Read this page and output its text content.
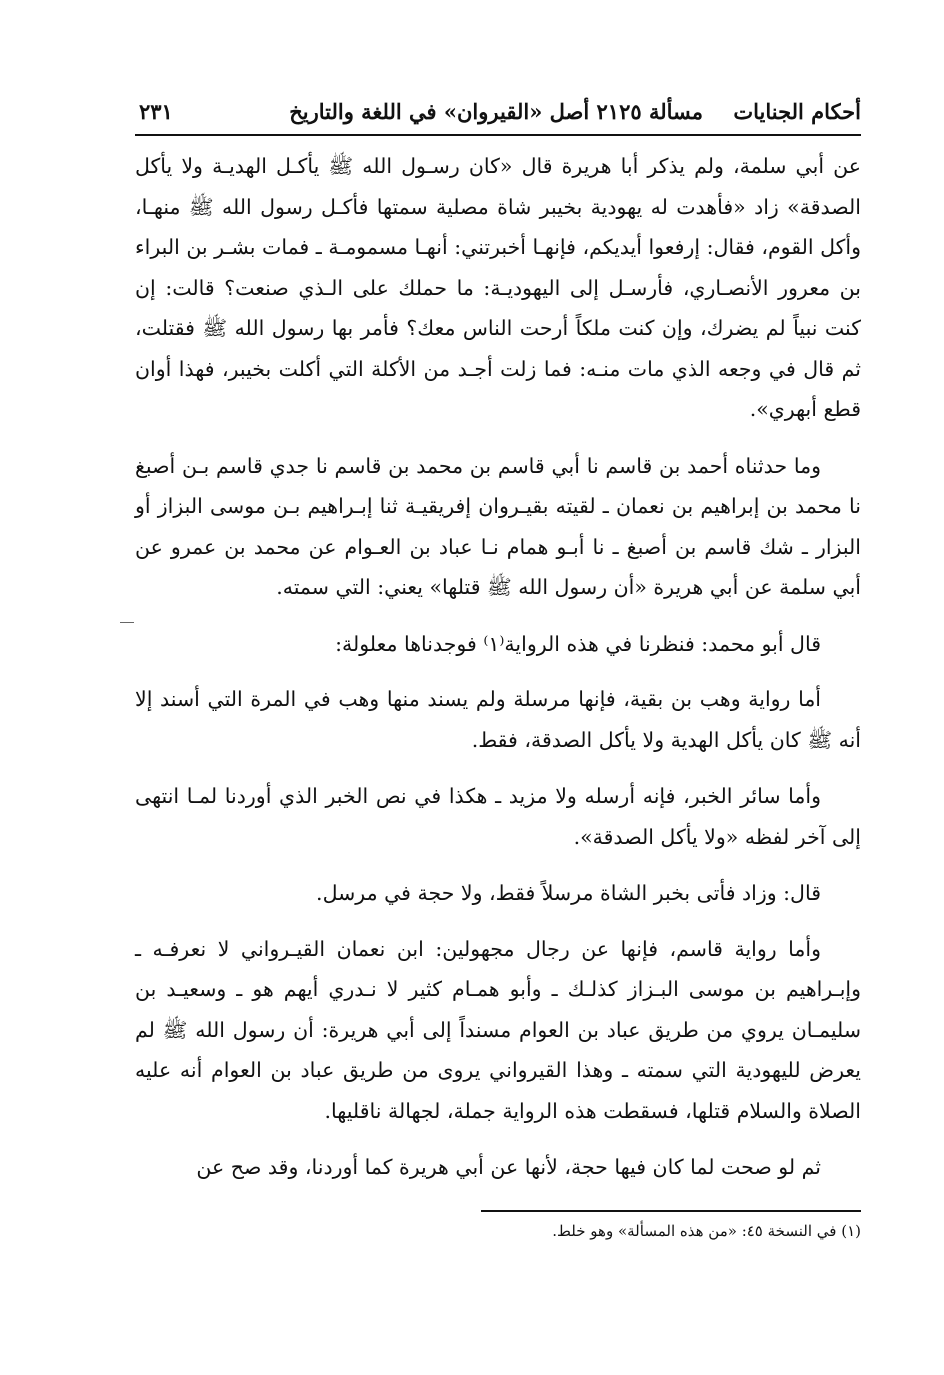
أحكام الجنايات
مسألة ٢١٢٥ أصل «القيروان» في اللغة والتاريخ
٢٣١

عن أبي سلمة، ولم يذكر أبا هريرة قال «كان رسـول الله ﷺ يأكـل الهديـة ولا يأكل الصدقة» زاد «فأهدت له يهودية بخيبر شاة مصلية سمتها فأكـل رسول الله ﷺ منهـا، وأكل القوم، فقال: إرفعوا أيديكم، فإنهـا أخبرتني: أنهـا مسمومـة ـ فمات بشـر بن البراء بن معرور الأنصـاري، فأرسـل إلى اليهوديـة: ما حملك على الـذي صنعت؟ قالت: إن كنت نبياً لم يضرك، وإن كنت ملكاً أرحت الناس معك؟ فأمر بها رسول الله ﷺ فقتلت، ثم قال في وجعه الذي مات منـه: فما زلت أجـد من الأكلة التي أكلت بخيبر، فهذا أوان قطع أبهري».

وما حدثناه أحمد بن قاسم نا أبي قاسم بن محمد بن قاسم نا جدي قاسم بـن أصبغ نا محمد بن إبراهيم بن نعمان ـ لقيته بقيـروان إفريقيـة ثنا إبـراهيم بـن موسى البزاز أو البزار ـ شك قاسم بن أصبغ ـ نا أبـو همام نـا عباد بن العـوام عن محمد بن عمرو عن أبي سلمة عن أبي هريرة «أن رسول الله ﷺ قتلها» يعني: التي سمته.

قال أبو محمد: فنظرنا في هذه الرواية⁽١⁾ فوجدناها معلولة:

أما رواية وهب بن بقية، فإنها مرسلة ولم يسند منها وهب في المرة التي أسند إلا أنه ﷺ كان يأكل الهدية ولا يأكل الصدقة، فقط.

وأما سائر الخبر، فإنه أرسله ولا مزيد ـ هكذا في نص الخبر الذي أوردنا لمـا انتهى إلى آخر لفظه «ولا يأكل الصدقة».

قال: وزاد فأتى بخبر الشاة مرسلاً فقط، ولا حجة في مرسل.

وأما رواية قاسم، فإنها عن رجال مجهولين: ابن نعمان القيـرواني لا نعرفـه ـ وإبـراهيم بن موسى البـزاز كذلـك ـ وأبو همـام كثير لا نـدري أيهم هو ـ وسعيـد بن سليمـان يروي من طريق عباد بن العوام مسنداً إلى أبي هريرة: أن رسول الله ﷺ لم يعرض لليهودية التي سمته ـ وهذا القيرواني يروى من طريق عباد بن العوام أنه عليه الصلاة والسلام قتلها، فسقطت هذه الرواية جملة، لجهالة ناقليها.

ثم لو صحت لما كان فيها حجة، لأنها عن أبي هريرة كما أوردنا، وقد صح عن

(١) في النسخة ٤٥: «من هذه المسألة» وهو خلط.
